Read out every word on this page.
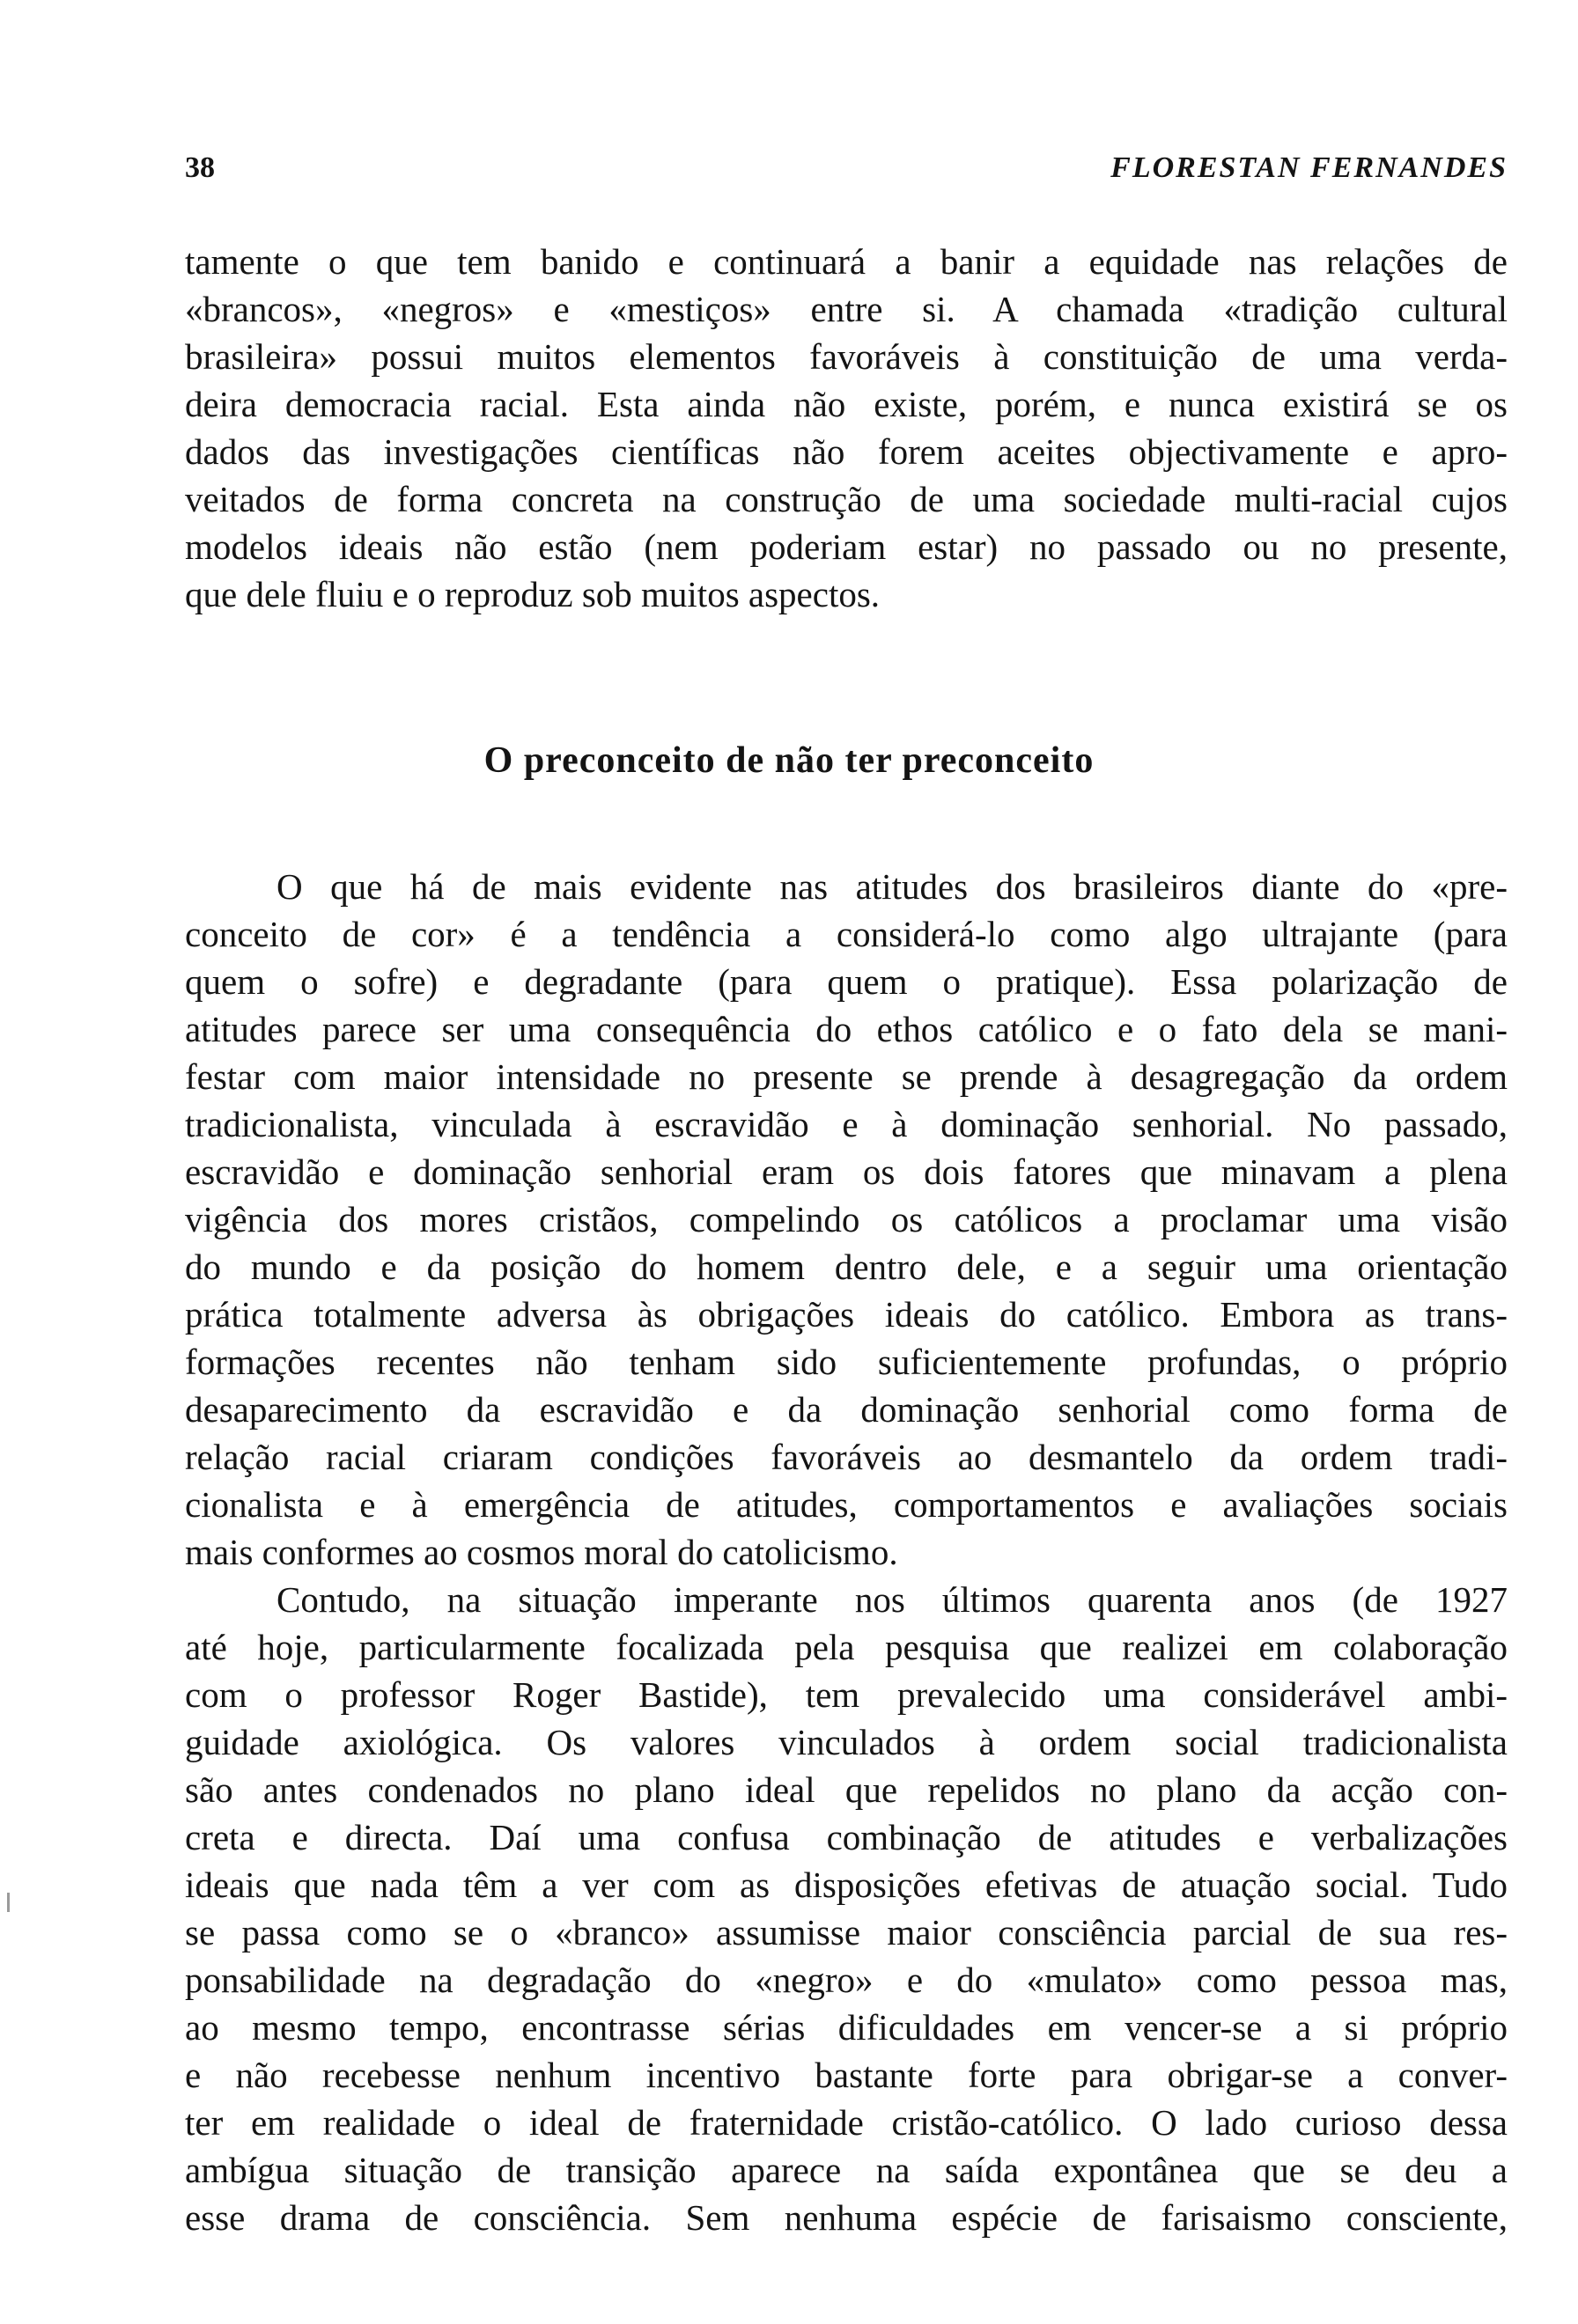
38	FLORESTAN FERNANDES
tamente o que tem banido e continuará a banir a equidade nas relações de
«brancos», «negros» e «mestiços» entre si. A chamada «tradição cultural
brasileira» possui muitos elementos favoráveis à constituição de uma verda-
deira democracia racial. Esta ainda não existe, porém, e nunca existirá se os
dados das investigações científicas não forem aceites objectivamente e apro-
veitados de forma concreta na construção de uma sociedade multi-racial cujos
modelos ideais não estão (nem poderiam estar) no passado ou no presente,
que dele fluiu e o reproduz sob muitos aspectos.
O preconceito de não ter preconceito
O que há de mais evidente nas atitudes dos brasileiros diante do «pre-
conceito de cor» é a tendência a considerá-lo como algo ultrajante (para
quem o sofre) e degradante (para quem o pratique). Essa polarização de
atitudes parece ser uma consequência do ethos católico e o fato dela se mani-
festar com maior intensidade no presente se prende à desagregação da ordem
tradicionalista, vinculada à escravidão e à dominação senhorial. No passado,
escravidão e dominação senhorial eram os dois fatores que minavam a plena
vigência dos mores cristãos, compelindo os católicos a proclamar uma visão
do mundo e da posição do homem dentro dele, e a seguir uma orientação
prática totalmente adversa às obrigações ideais do católico. Embora as trans-
formações recentes não tenham sido suficientemente profundas, o próprio
desaparecimento da escravidão e da dominação senhorial como forma de
relação racial criaram condições favoráveis ao desmantelo da ordem tradi-
cionalista e à emergência de atitudes, comportamentos e avaliações sociais
mais conformes ao cosmos moral do catolicismo.
Contudo, na situação imperante nos últimos quarenta anos (de 1927
até hoje, particularmente focalizada pela pesquisa que realizei em colaboração
com o professor Roger Bastide), tem prevalecido uma considerável ambi-
guidade axiológica. Os valores vinculados à ordem social tradicionalista
são antes condenados no plano ideal que repelidos no plano da acção con-
creta e directa. Daí uma confusa combinação de atitudes e verbalizações
ideais que nada têm a ver com as disposições efetivas de atuação social. Tudo
se passa como se o «branco» assumisse maior consciência parcial de sua res-
ponsabilidade na degradação do «negro» e do «mulato» como pessoa mas,
ao mesmo tempo, encontrasse sérias dificuldades em vencer-se a si próprio
e não recebesse nenhum incentivo bastante forte para obrigar-se a conver-
ter em realidade o ideal de fraternidade cristão-católico. O lado curioso dessa
ambígua situação de transição aparece na saída expontânea que se deu a
esse drama de consciência. Sem nenhuma espécie de farisaismo consciente,
